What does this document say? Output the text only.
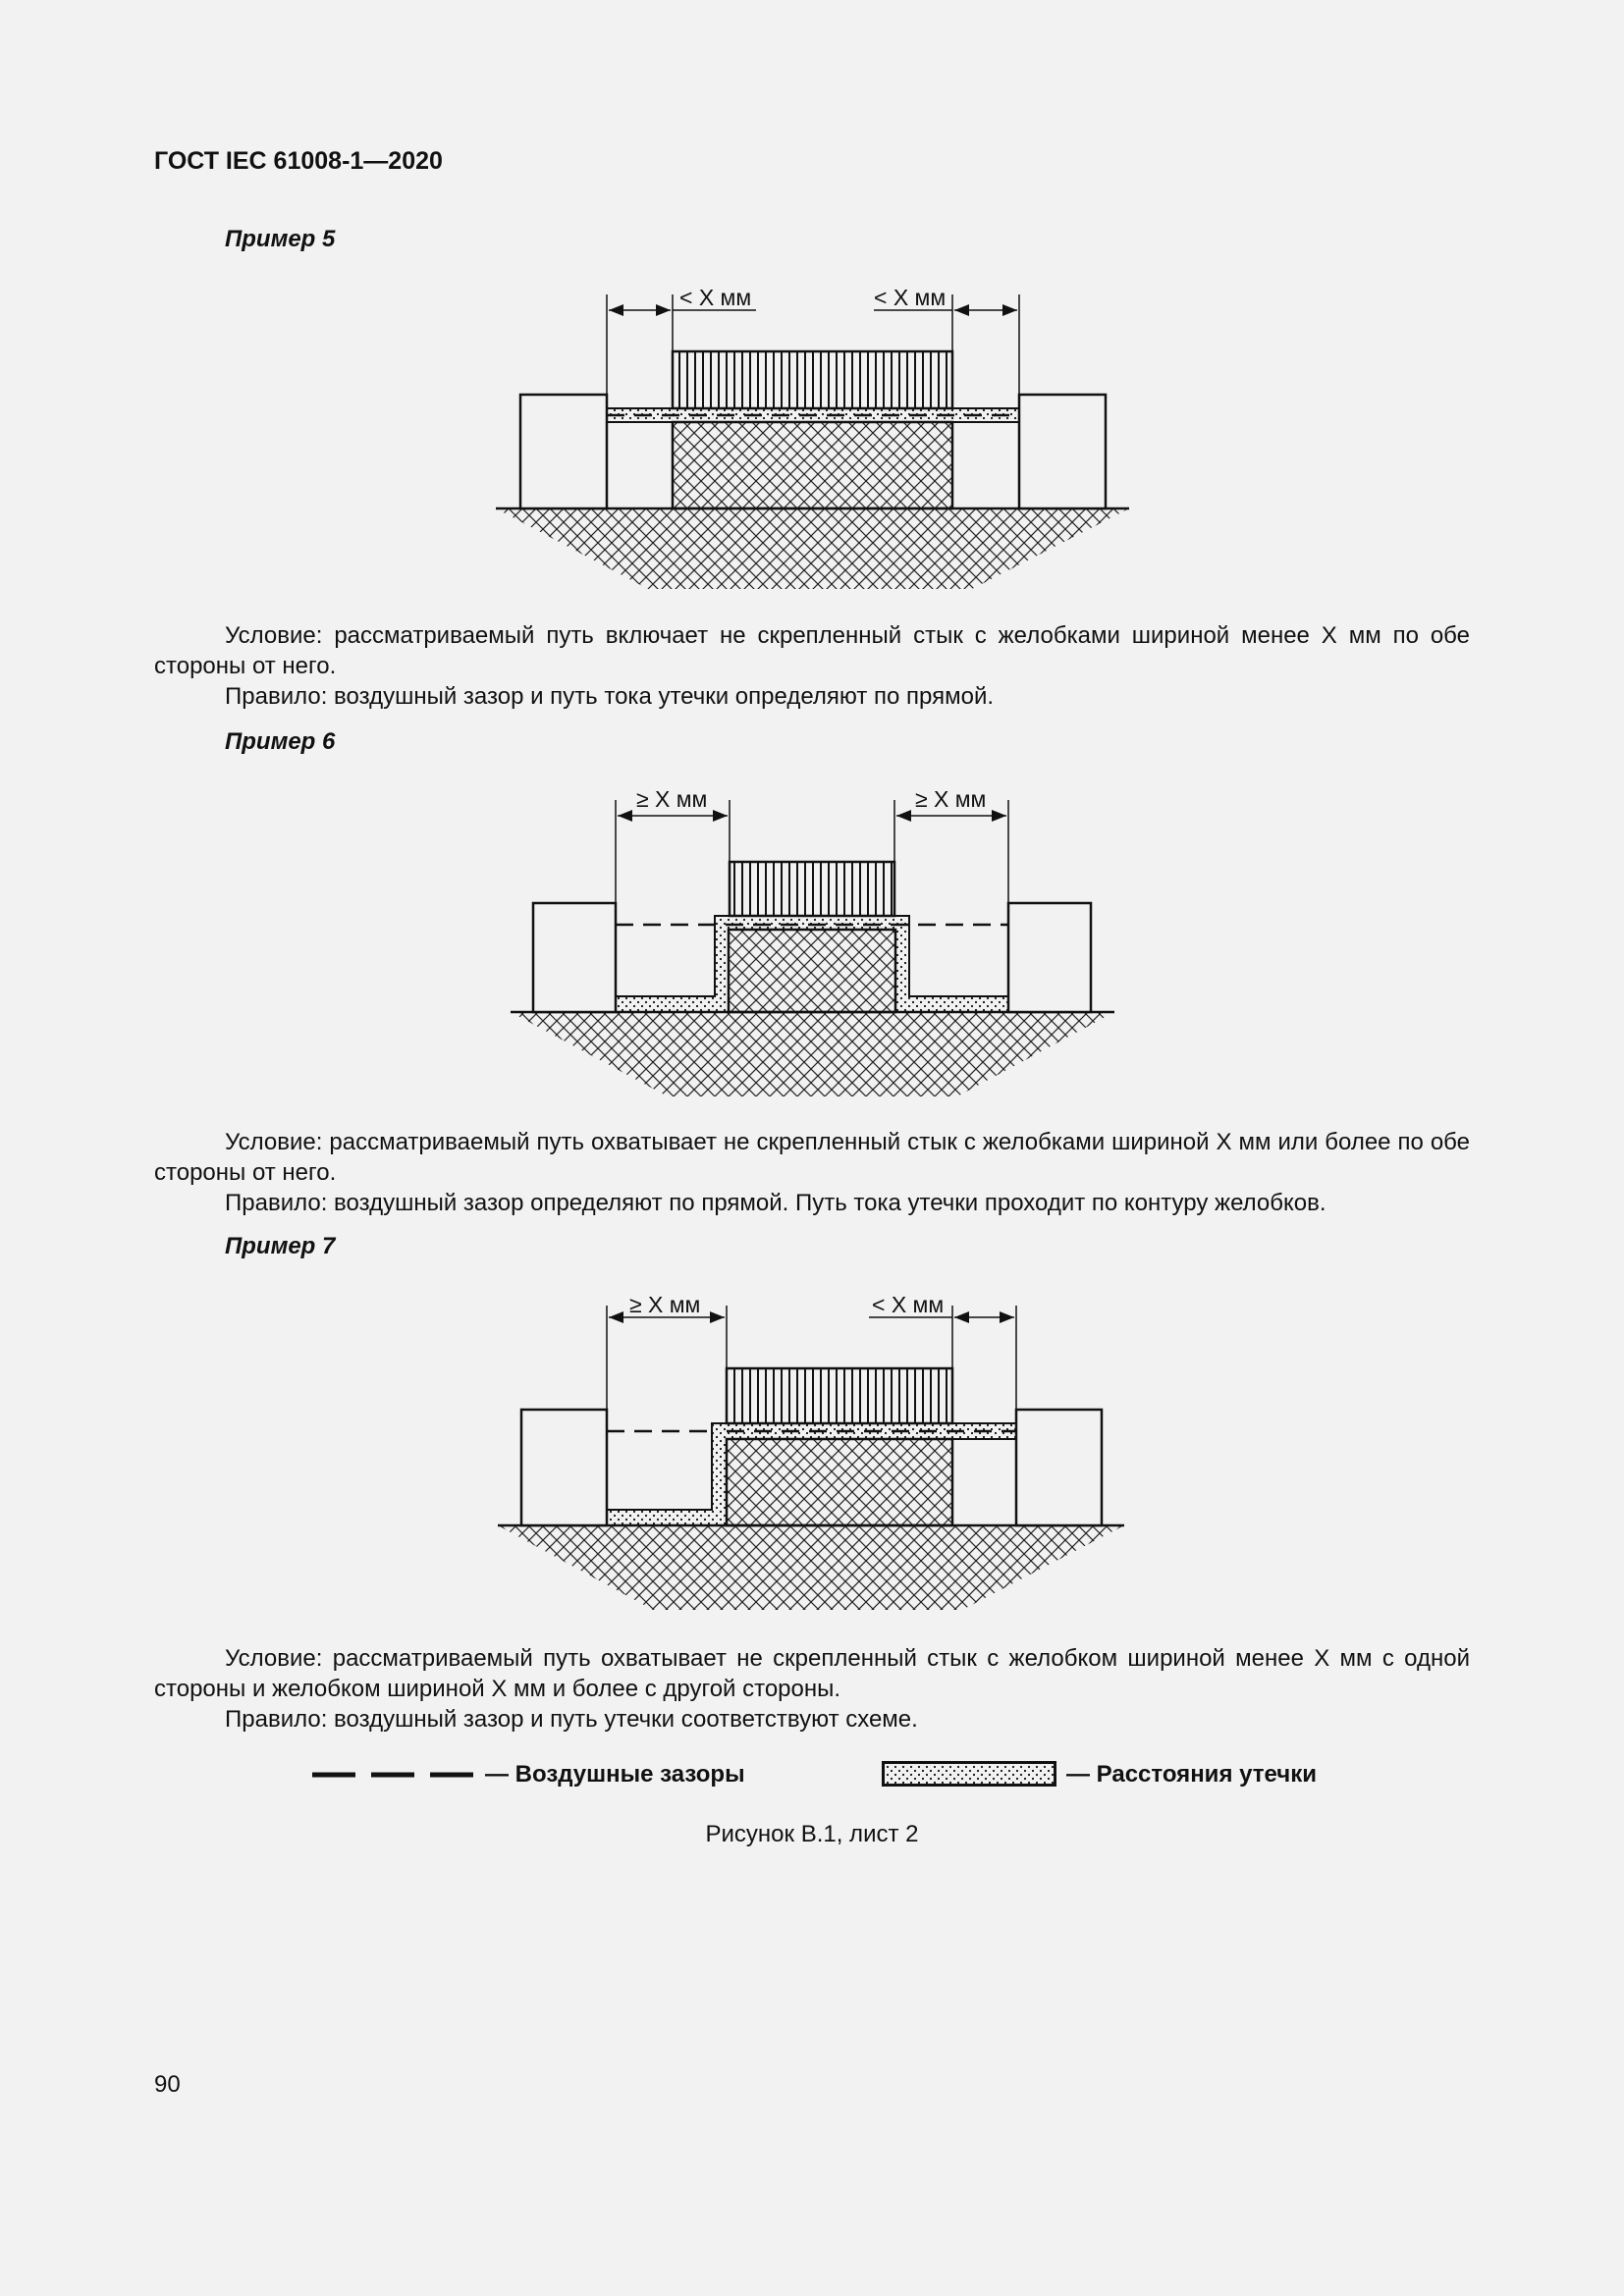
ГОСТ IEC 61008-1—2020
Пример 5
< X мм	< X мм

Условие: рассматриваемый путь включает не скрепленный стык с желобками шириной менее X мм по обе стороны от него.

Правило: воздушный зазор и путь тока утечки определяют по прямой.

Пример 6
≥ X мм	≥ X мм

Условие: рассматриваемый путь охватывает не скрепленный стык с желобками шириной X мм или более по обе стороны от него.

Правило: воздушный зазор определяют по прямой. Путь тока утечки проходит по контуру желобков.

Пример 7
≥ X мм	< X мм

Условие: рассматриваемый путь охватывает не скрепленный стык с желобком шириной менее X мм с одной стороны и желобком шириной X мм и более с другой стороны.

Правило: воздушный зазор и путь утечки соответствуют схеме.

— Воздушные зазоры	— Расстояния утечки
Рисунок В.1, лист 2
90
